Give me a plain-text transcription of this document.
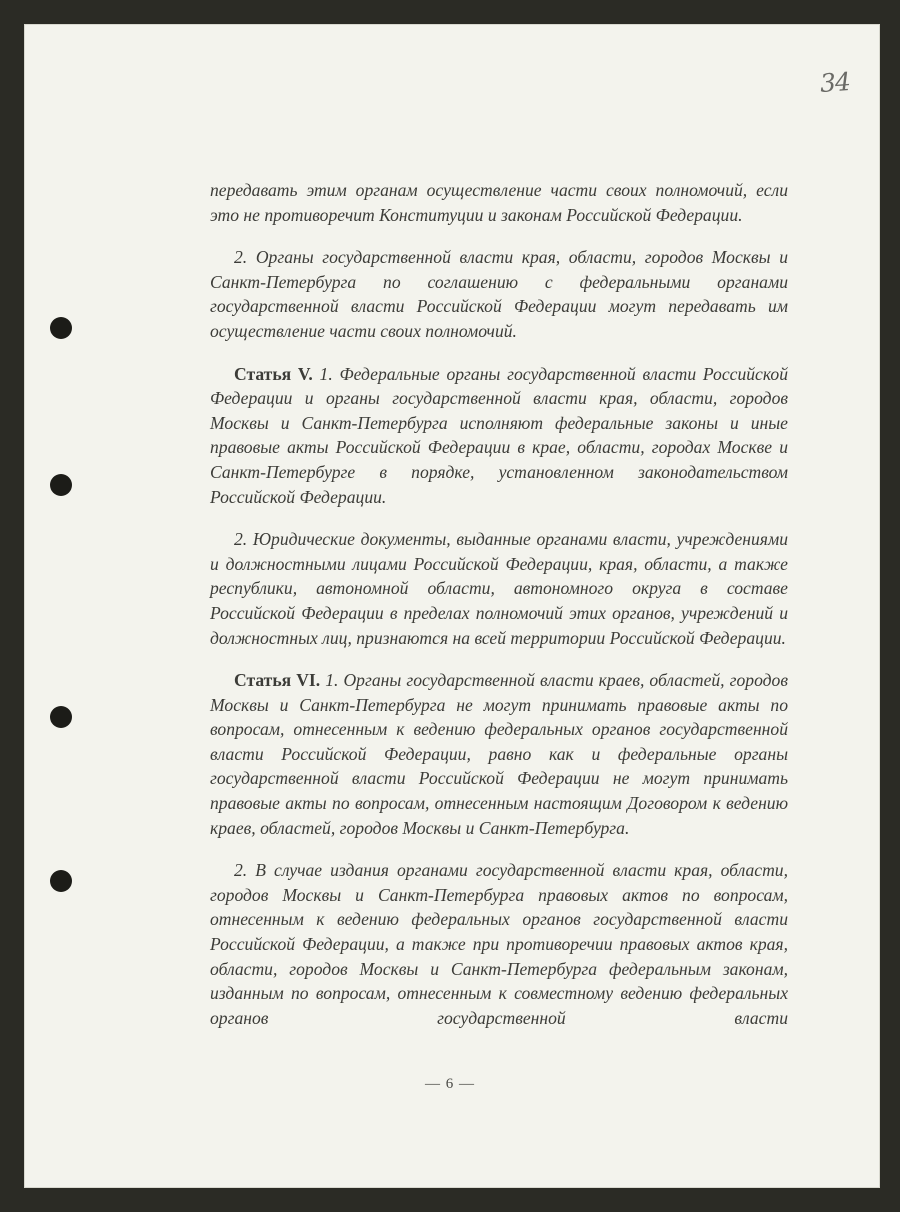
34

передавать этим органам осуществление части своих полномочий, если это не противоречит Конституции и законам Российской Федерации.

2. Органы государственной власти края, области, городов Москвы и Санкт-Петербурга по соглашению с федеральными органами государственной власти Российской Федерации могут передавать им осуществление части своих полномочий.

Статья V. 1. Федеральные органы государственной власти Российской Федерации и органы государственной власти края, области, городов Москвы и Санкт-Петербурга исполняют федеральные законы и иные правовые акты Российской Федерации в крае, области, городах Москве и Санкт-Петербурге в порядке, установленном законодательством Российской Федерации.

2. Юридические документы, выданные органами власти, учреждениями и должностными лицами Российской Федерации, края, области, а также республики, автономной области, автономного округа в составе Российской Федерации в пределах полномочий этих органов, учреждений и должностных лиц, признаются на всей территории Российской Федерации.

Статья VI. 1. Органы государственной власти краев, областей, городов Москвы и Санкт-Петербурга не могут принимать правовые акты по вопросам, отнесенным к ведению федеральных органов государственной власти Российской Федерации, равно как и федеральные органы государственной власти Российской Федерации не могут принимать правовые акты по вопросам, отнесенным настоящим Договором к ведению краев, областей, городов Москвы и Санкт-Петербурга.

2. В случае издания органами государственной власти края, области, городов Москвы и Санкт-Петербурга правовых актов по вопросам, отнесенным к ведению федеральных органов государственной власти Российской Федерации, а также при противоречии правовых актов края, области, городов Москвы и Санкт-Петербурга федеральным законам, изданным по вопросам, отнесенным к совместному ведению федеральных органов государственной власти

— 6 —
